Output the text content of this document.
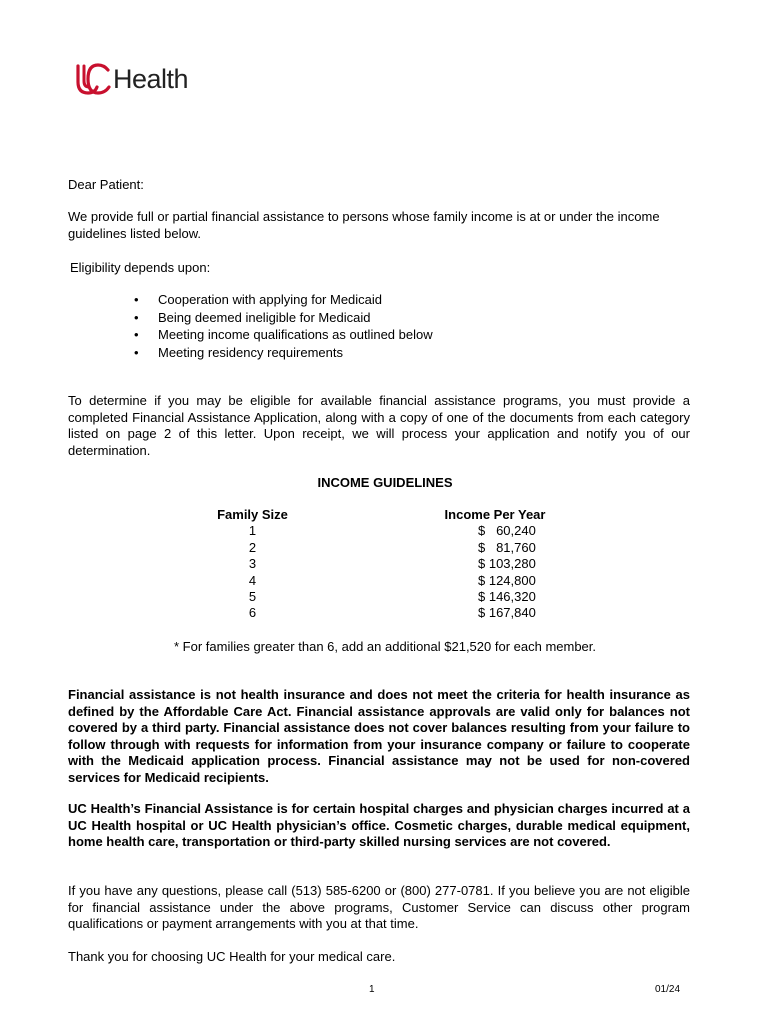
Health

Dear Patient:

We provide full or partial financial assistance to persons whose family income is at or under the income guidelines listed below.

Eligibility depends upon:

• Cooperation with applying for Medicaid
• Being deemed ineligible for Medicaid
• Meeting income qualifications as outlined below
• Meeting residency requirements

To determine if you may be eligible for available financial assistance programs, you must provide a completed Financial Assistance Application, along with a copy of one of the documents from each category listed on page 2 of this letter. Upon receipt, we will process your application and notify you of our determination.

INCOME GUIDELINES
Family Size
1
2
3
4
5
6
Income Per Year
$   60,240
$   81,760
$ 103,280
$ 124,800
$ 146,320
$ 167,840
* For families greater than 6, add an additional $21,520 for each member.

Financial assistance is not health insurance and does not meet the criteria for health insurance as defined by the Affordable Care Act. Financial assistance approvals are valid only for balances not covered by a third party. Financial assistance does not cover balances resulting from your failure to follow through with requests for information from your insurance company or failure to cooperate with the Medicaid application process. Financial assistance may not be used for non-covered services for Medicaid recipients.

UC Health’s Financial Assistance is for certain hospital charges and physician charges incurred at a UC Health hospital or UC Health physician’s office. Cosmetic charges, durable medical equipment, home health care, transportation or third-party skilled nursing services are not covered.

If you have any questions, please call (513) 585-6200 or (800) 277-0781. If you believe you are not eligible for financial assistance under the above programs, Customer Service can discuss other program qualifications or payment arrangements with you at that time.

Thank you for choosing UC Health for your medical care.

1	01/24
